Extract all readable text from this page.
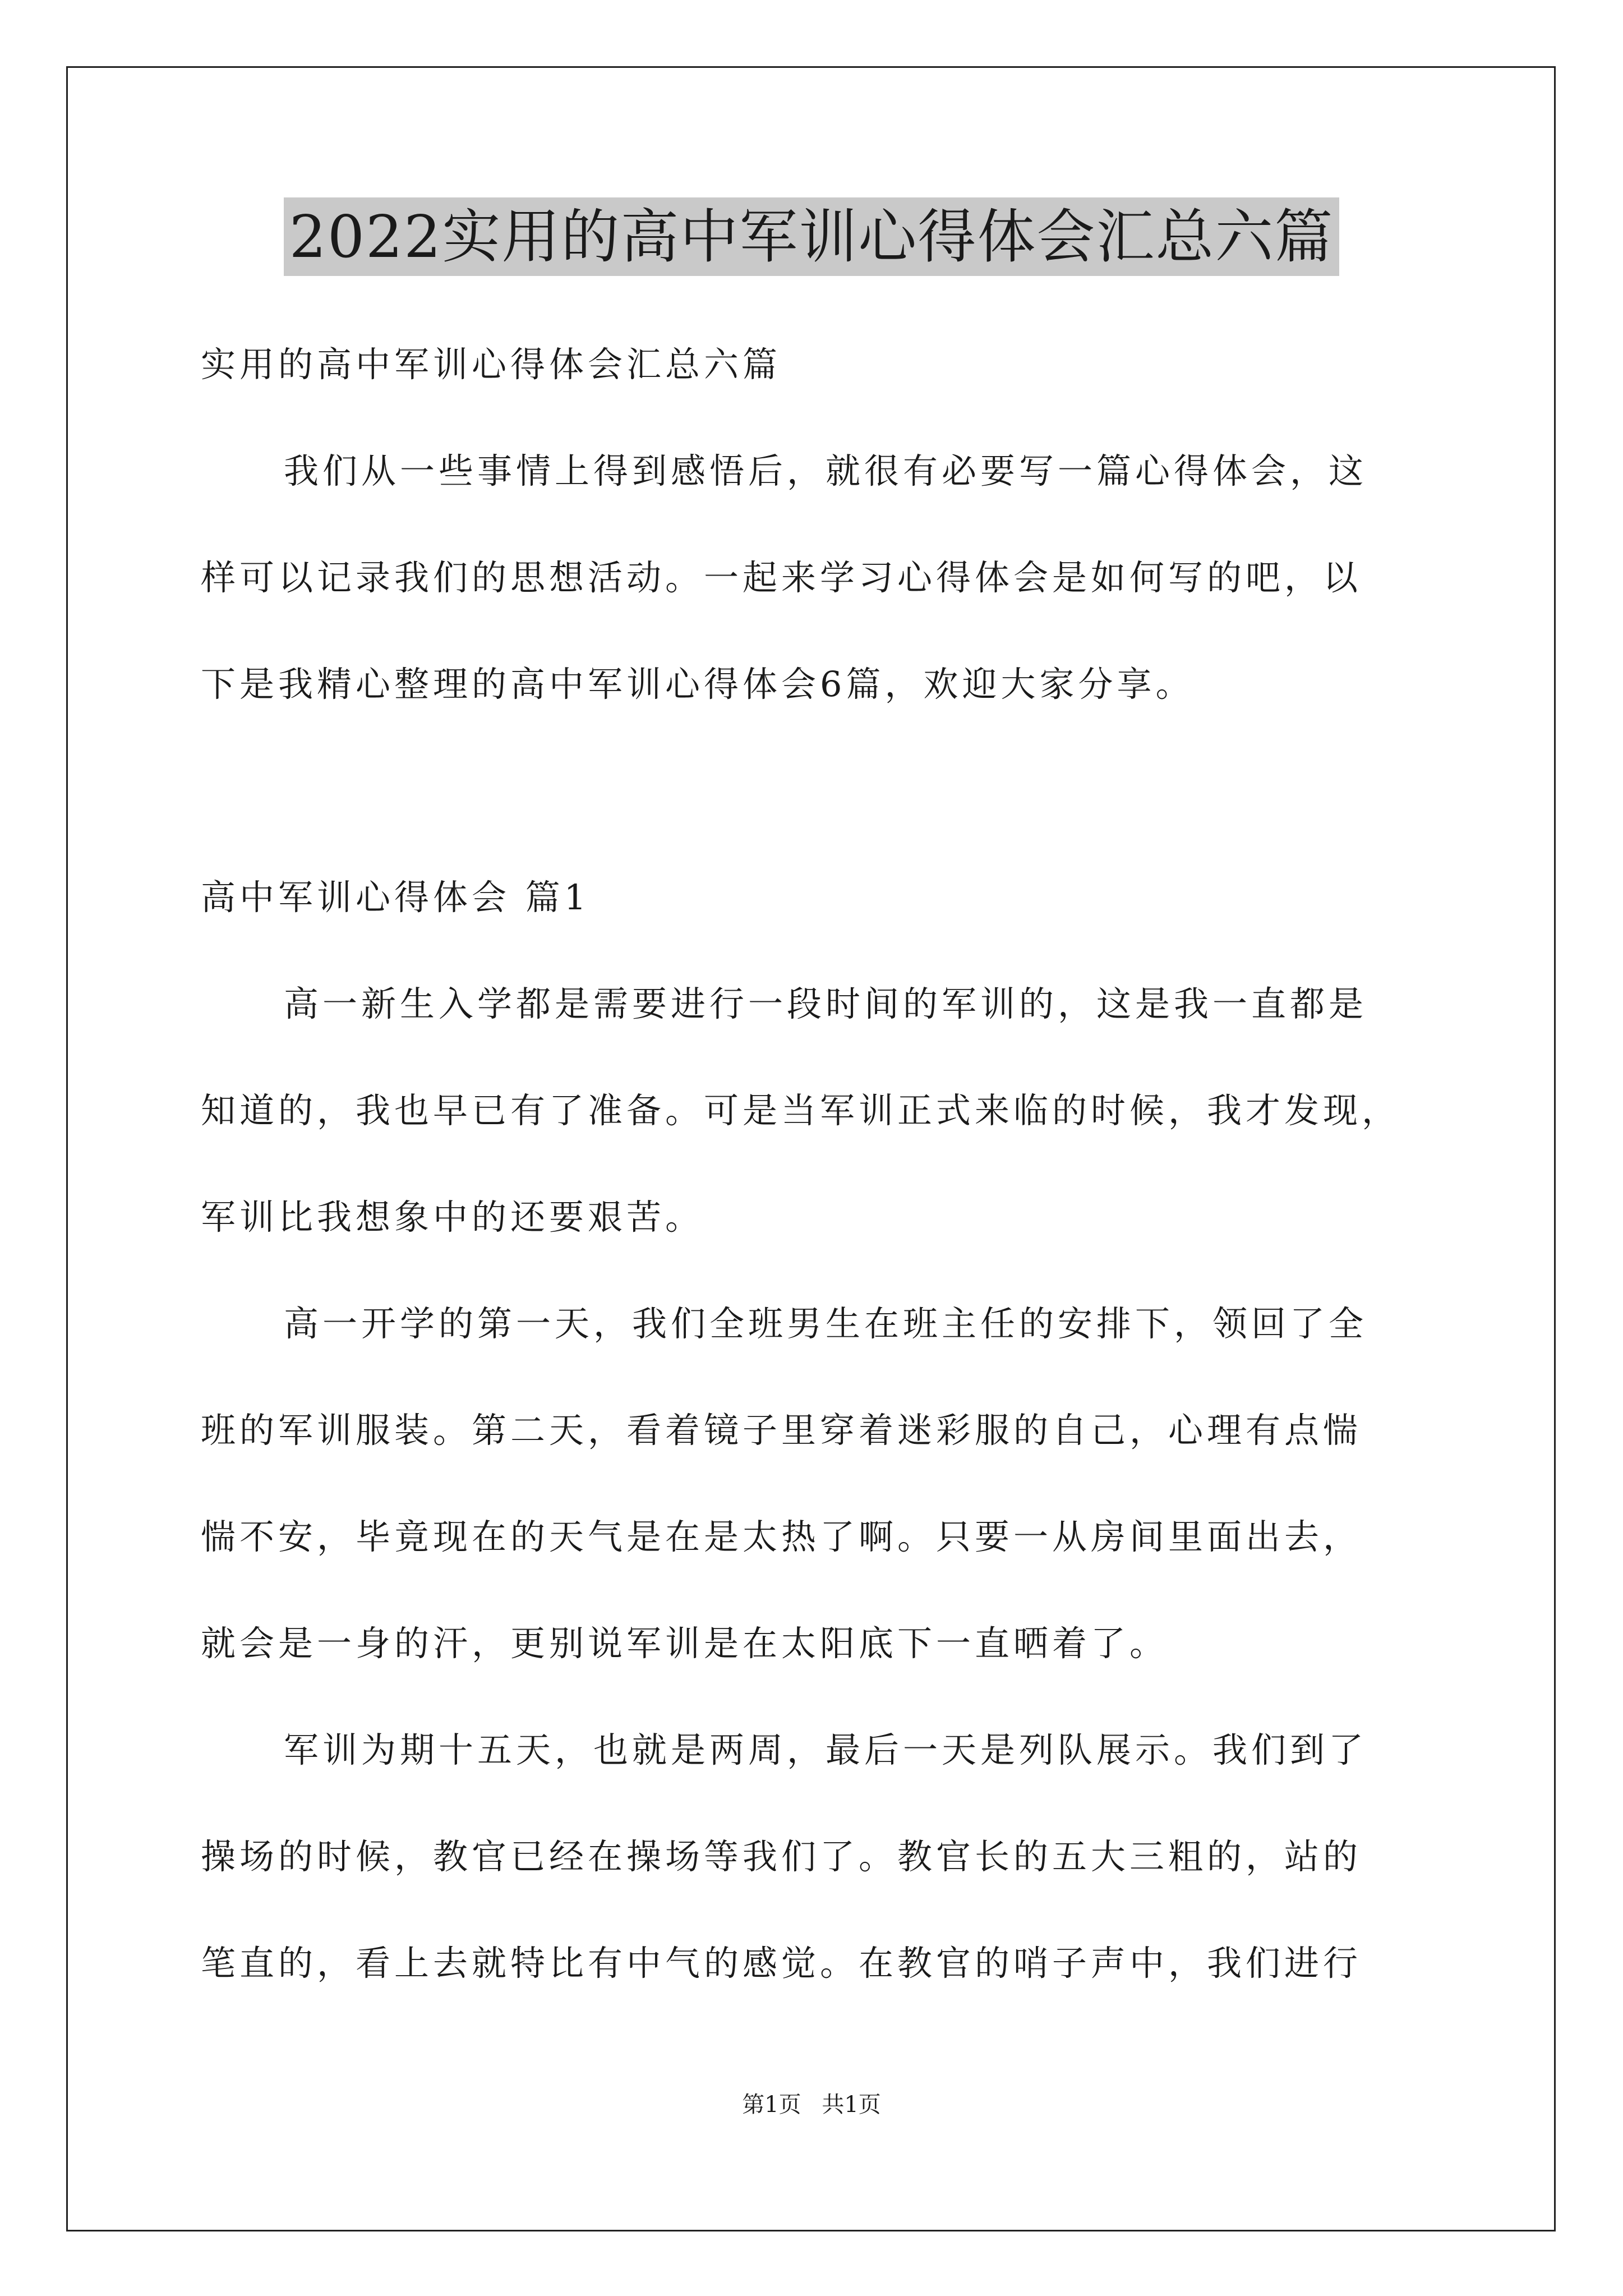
2022实用的高中军训心得体会汇总六篇
实用的高中军训心得体会汇总六篇
我们从一些事情上得到感悟后，就很有必要写一篇心得体会，这
样可以记录我们的思想活动。一起来学习心得体会是如何写的吧，以
下是我精心整理的高中军训心得体会6篇，欢迎大家分享。
高中军训心得体会 篇1
高一新生入学都是需要进行一段时间的军训的，这是我一直都是
知道的，我也早已有了准备。可是当军训正式来临的时候，我才发现，
军训比我想象中的还要艰苦。
高一开学的第一天，我们全班男生在班主任的安排下，领回了全
班的军训服装。第二天，看着镜子里穿着迷彩服的自己，心理有点惴
惴不安，毕竟现在的天气是在是太热了啊。只要一从房间里面出去，
就会是一身的汗，更别说军训是在太阳底下一直晒着了。
军训为期十五天，也就是两周，最后一天是列队展示。我们到了
操场的时候，教官已经在操场等我们了。教官长的五大三粗的，站的
笔直的，看上去就特比有中气的感觉。在教官的哨子声中，我们进行
第1页 共1页
